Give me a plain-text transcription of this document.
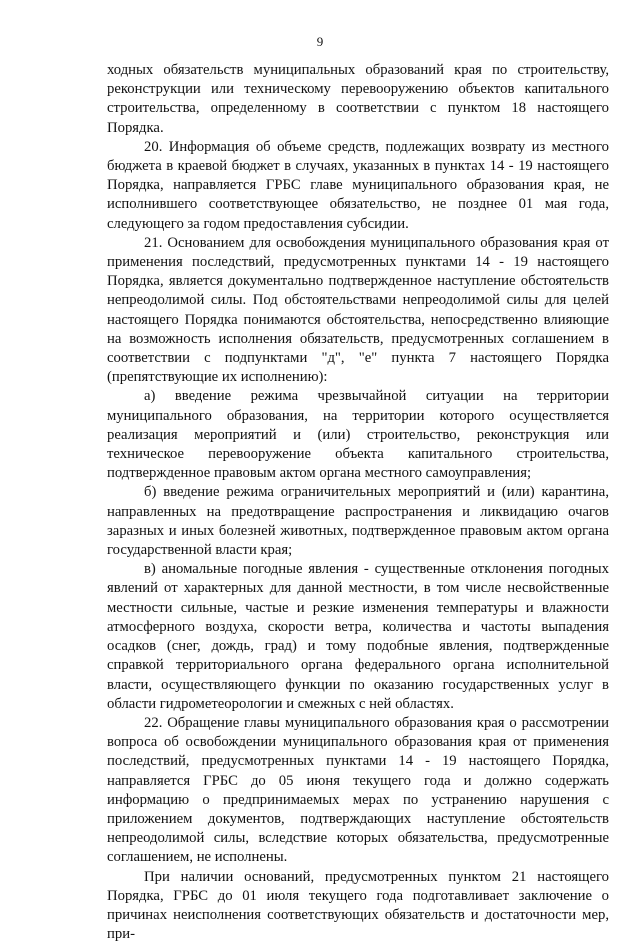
9

ходных обязательств муниципальных образований края по строительству, реконструкции или техническому перевооружению объектов капитального строительства, определенному в соответствии с пунктом 18 настоящего Порядка.

20. Информация об объеме средств, подлежащих возврату из местного бюджета в краевой бюджет в случаях, указанных в пунктах 14 - 19 настоящего Порядка, направляется ГРБС главе муниципального образования края, не исполнившего соответствующее обязательство, не позднее 01 мая года, следующего за годом предоставления субсидии.

21. Основанием для освобождения муниципального образования края от применения последствий, предусмотренных пунктами 14 - 19 настоящего Порядка, является документально подтвержденное наступление обстоятельств непреодолимой силы. Под обстоятельствами непреодолимой силы для целей настоящего Порядка понимаются обстоятельства, непосредственно влияющие на возможность исполнения обязательств, предусмотренных соглашением в соответствии с подпунктами "д", "е" пункта 7 настоящего Порядка (препятствующие их исполнению):

а) введение режима чрезвычайной ситуации на территории муниципального образования, на территории которого осуществляется реализация мероприятий и (или) строительство, реконструкция или техническое перевооружение объекта капитального строительства, подтвержденное правовым актом органа местного самоуправления;

б) введение режима ограничительных мероприятий и (или) карантина, направленных на предотвращение распространения и ликвидацию очагов заразных и иных болезней животных, подтвержденное правовым актом органа государственной власти края;

в) аномальные погодные явления - существенные отклонения погодных явлений от характерных для данной местности, в том числе несвойственные местности сильные, частые и резкие изменения температуры и влажности атмосферного воздуха, скорости ветра, количества и частоты выпадения осадков (снег, дождь, град) и тому подобные явления, подтвержденные справкой территориального органа федерального органа исполнительной власти, осуществляющего функции по оказанию государственных услуг в области гидрометеорологии и смежных с ней областях.

22. Обращение главы муниципального образования края о рассмотрении вопроса об освобождении муниципального образования края от применения последствий, предусмотренных пунктами 14 - 19 настоящего Порядка, направляется ГРБС до 05 июня текущего года и должно содержать информацию о предпринимаемых мерах по устранению нарушения с приложением документов, подтверждающих наступление обстоятельств непреодолимой силы, вследствие которых обязательства, предусмотренные соглашением, не исполнены.

При наличии оснований, предусмотренных пунктом 21 настоящего Порядка, ГРБС до 01 июля текущего года подготавливает заключение о причинах неисполнения соответствующих обязательств и достаточности мер, при-
